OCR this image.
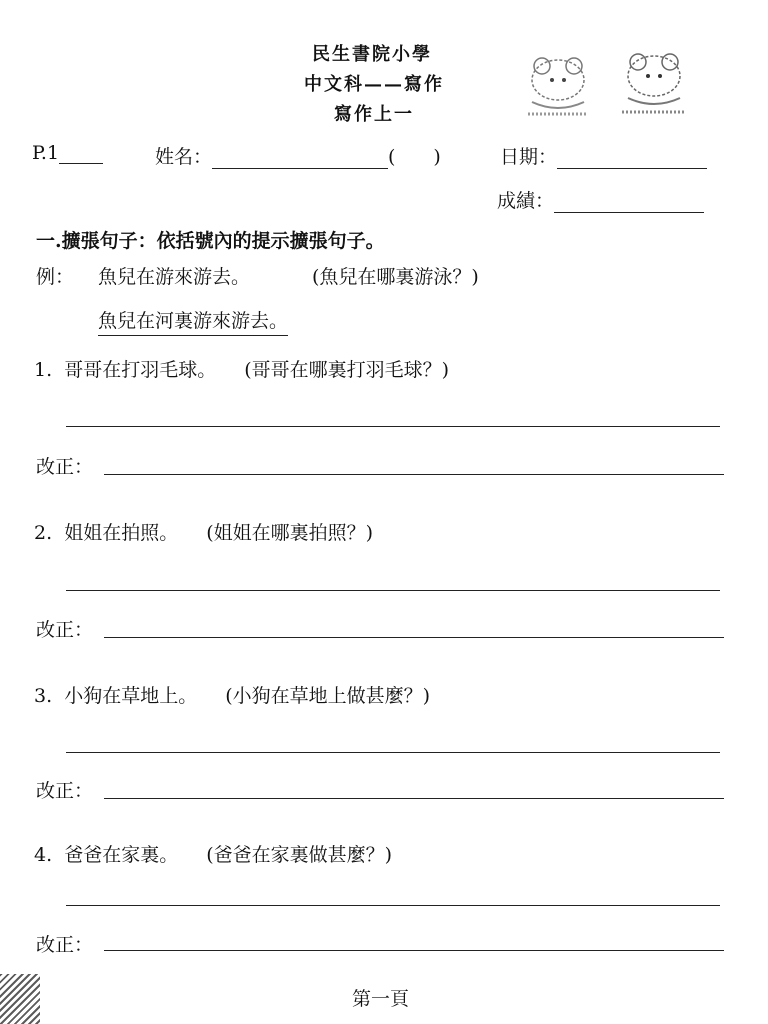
民生書院小學
中文科——寫作
寫作上一
P.1	姓名：	(　　)	日期：
成績：
一.擴張句子：依括號內的提示擴張句子。
例： 魚兒在游來游去。	(魚兒在哪裏游泳？)
魚兒在河裏游來游去。
1. 哥哥在打羽毛球。 (哥哥在哪裏打羽毛球？)
改正：
2. 姐姐在拍照。 (姐姐在哪裏拍照？)
改正：
3. 小狗在草地上。 (小狗在草地上做甚麼？)
改正：
4. 爸爸在家裏。 (爸爸在家裏做甚麼？)
改正：
第一頁
